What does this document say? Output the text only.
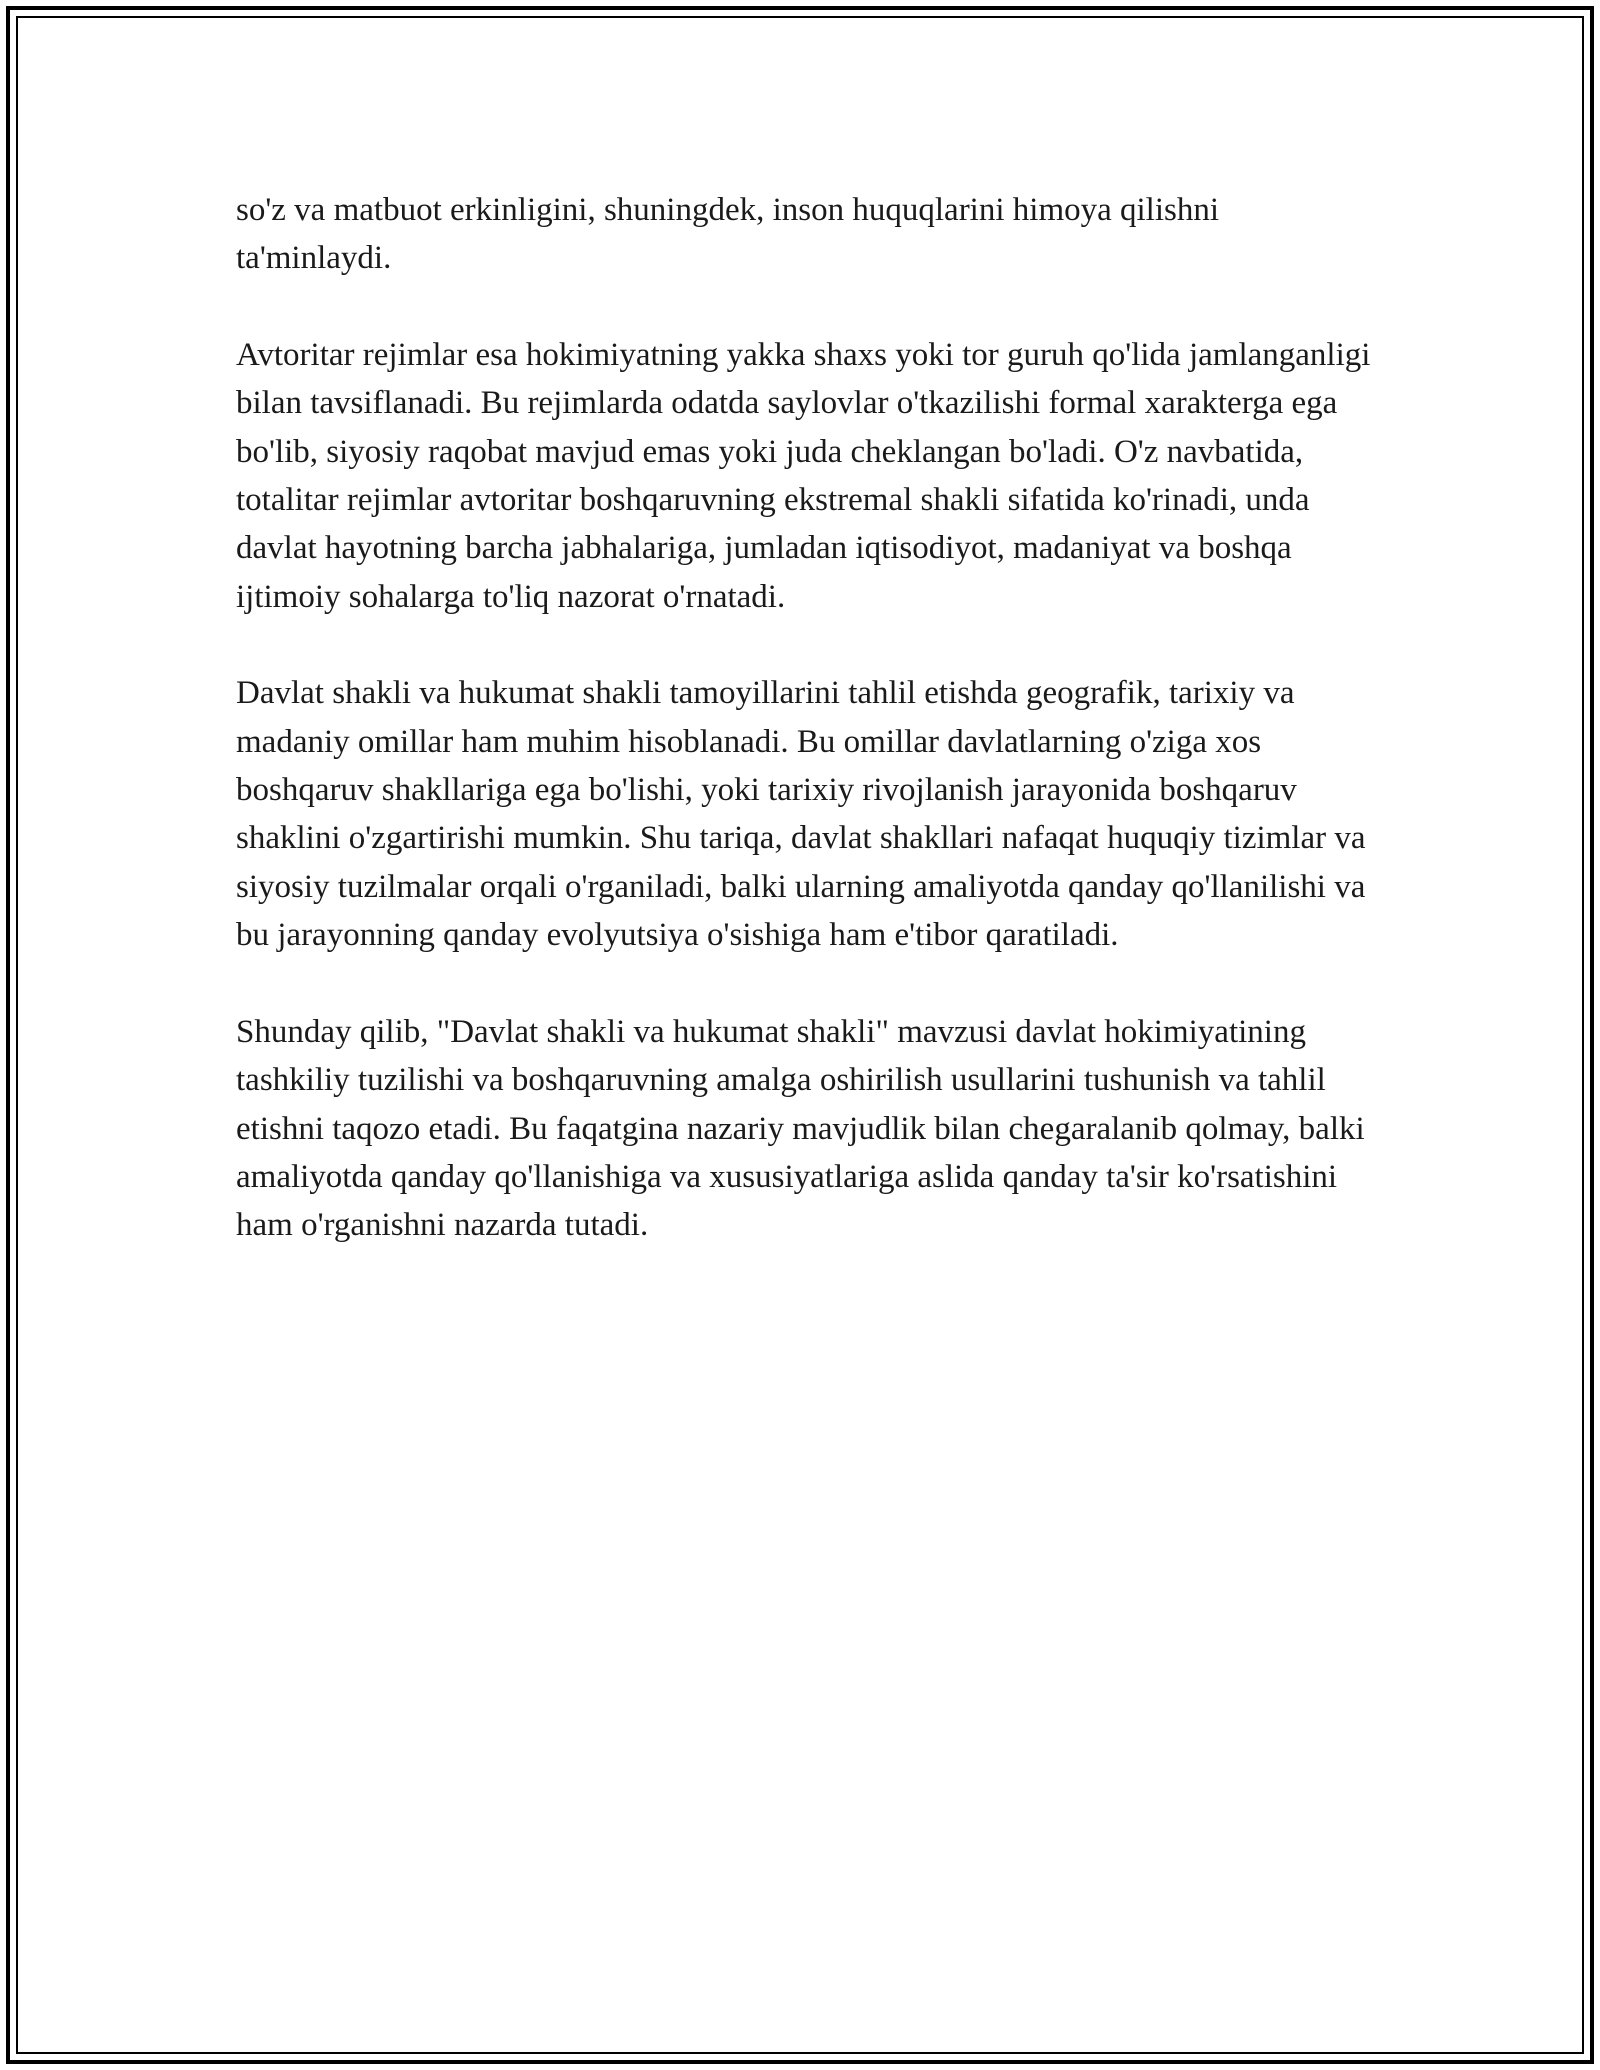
so'z va matbuot erkinligini, shuningdek, inson huquqlarini himoya qilishni ta'minlaydi.

Avtoritar rejimlar esa hokimiyatning yakka shaxs yoki tor guruh qo'lida jamlanganligi bilan tavsiflanadi. Bu rejimlarda odatda saylovlar o'tkazilishi formal xarakterga ega bo'lib, siyosiy raqobat mavjud emas yoki juda cheklangan bo'ladi. O'z navbatida, totalitar rejimlar avtoritar boshqaruvning ekstremal shakli sifatida ko'rinadi, unda davlat hayotning barcha jabhalariga, jumladan iqtisodiyot, madaniyat va boshqa ijtimoiy sohalarga to'liq nazorat o'rnatadi.

Davlat shakli va hukumat shakli tamoyillarini tahlil etishda geografik, tarixiy va madaniy omillar ham muhim hisoblanadi. Bu omillar davlatlarning o'ziga xos boshqaruv shakllariga ega bo'lishi, yoki tarixiy rivojlanish jarayonida boshqaruv shaklini o'zgartirishi mumkin. Shu tariqa, davlat shakllari nafaqat huquqiy tizimlar va siyosiy tuzilmalar orqali o'rganiladi, balki ularning amaliyotda qanday qo'llanilishi va bu jarayonning qanday evolyutsiya o'sishiga ham e'tibor qaratiladi.

Shunday qilib, "Davlat shakli va hukumat shakli" mavzusi davlat hokimiyatining tashkiliy tuzilishi va boshqaruvning amalga oshirilish usullarini tushunish va tahlil etishni taqozo etadi. Bu faqatgina nazariy mavjudlik bilan chegaralanib qolmay, balki amaliyotda qanday qo'llanishiga va xususiyatlariga aslida qanday ta'sir ko'rsatishini ham o'rganishni nazarda tutadi.
